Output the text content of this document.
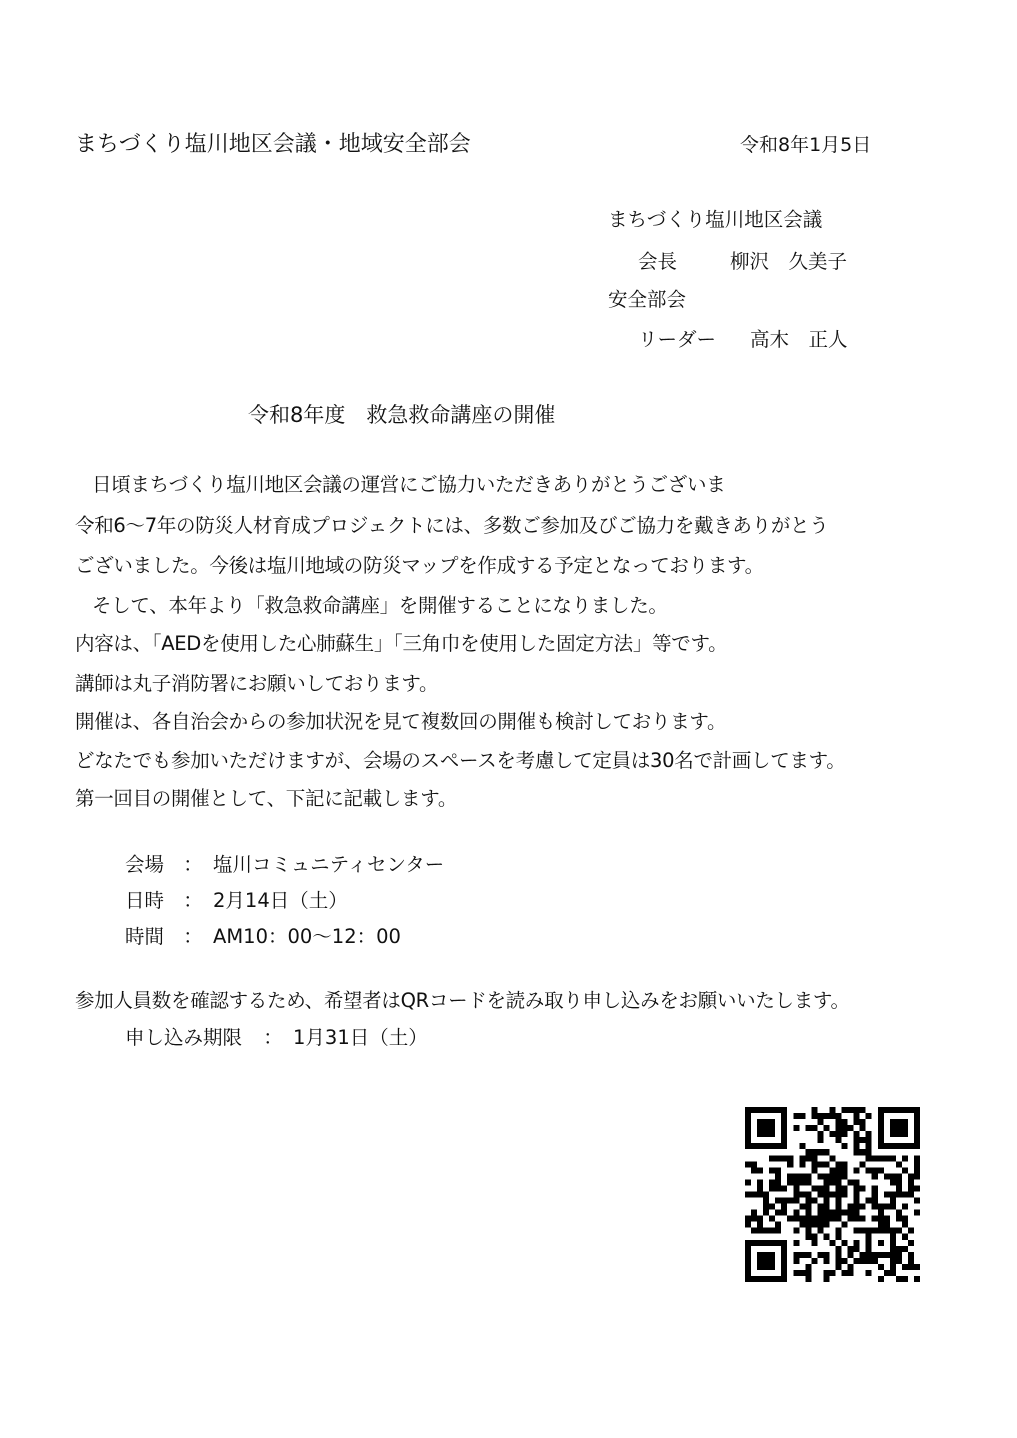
まちづくり塩川地区会議・地域安全部会	令和8年1月5日
まちづくり塩川地区会議
会長	柳沢　久美子
安全部会
リーダー 高木　正人
令和8年度　救急救命講座の開催
日頃まちづくり塩川地区会議の運営にご協力いただきありがとうございま
令和6～7年の防災人材育成プロジェクトには、多数ご参加及びご協力を戴きありがとう
ございました。今後は塩川地域の防災マップを作成する予定となっております。
そして、本年より「救急救命講座」を開催することになりました。
内容は、「AEDを使用した心肺蘇生」「三角巾を使用した固定方法」等です。
講師は丸子消防署にお願いしております。
開催は、各自治会からの参加状況を見て複数回の開催も検討しております。
どなたでも参加いただけますが、会場のスペースを考慮して定員は30名で計画してます。
第一回目の開催として、下記に記載します。
会場 ： 塩川コミュニティセンター
日時 ： 2月14日（土）
時間 ： AM10：00～12：00
参加人員数を確認するため、希望者はQRコードを読み取り申し込みをお願いいたします。
申し込み期限 ： 1月31日（土）
